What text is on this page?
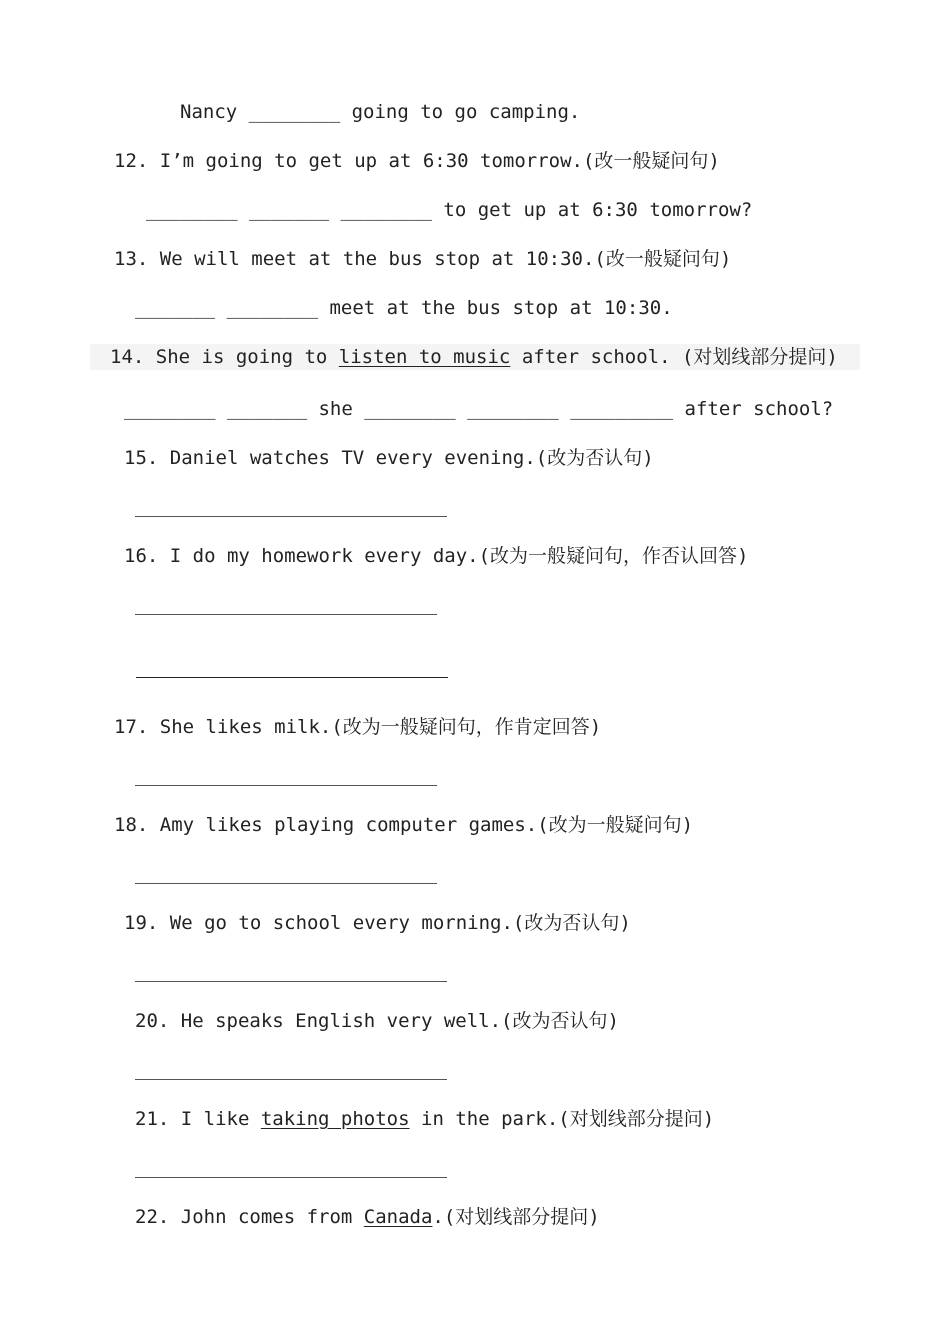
Nancy ________ going to go camping.
12. I’m going to get up at 6:30 tomorrow.(改一般疑问句)
________ _______ ________ to get up at 6:30 tomorrow?
13. We will meet at the bus stop at 10:30.(改一般疑问句)
_______ ________ meet at the bus stop at 10:30.
14. She is going to listen to music after school. (对划线部分提问)
________ _______ she ________ ________ _________ after school?
15. Daniel watches TV every evening.(改为否认句)
16. I do my homework every day.(改为一般疑问句，作否认回答)
17. She likes milk.(改为一般疑问句，作肯定回答)
18. Amy likes playing computer games.(改为一般疑问句)
19. We go to school every morning.(改为否认句)
20. He speaks English very well.(改为否认句)
21. I like taking photos in the park.(对划线部分提问)
22. John comes from Canada.(对划线部分提问)
